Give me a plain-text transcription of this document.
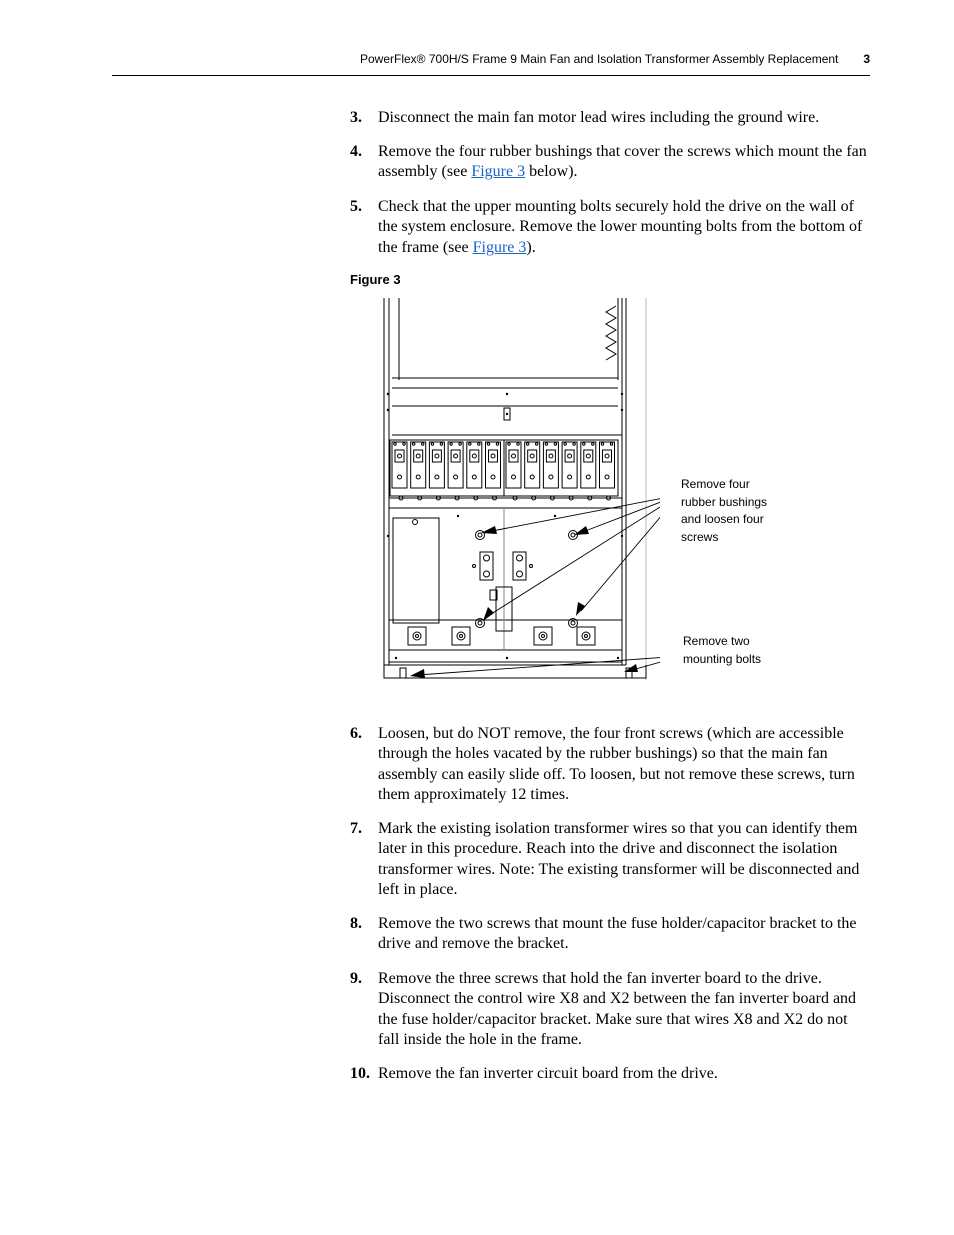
PowerFlex® 700H/S Frame 9 Main Fan and Isolation Transformer Assembly Replacement	3
3. Disconnect the main fan motor lead wires including the ground wire.
4. Remove the four rubber bushings that cover the screws which mount the fan assembly (see Figure 3 below).
5. Check that the upper mounting bolts securely hold the drive on the wall of the system enclosure. Remove the lower mounting bolts from the bottom of the frame (see Figure 3).
Figure 3
Remove four
rubber bushings
and loosen four
screws
Remove two
mounting bolts
6. Loosen, but do NOT remove, the four front screws (which are accessible through the holes vacated by the rubber bushings) so that the main fan assembly can easily slide off. To loosen, but not remove these screws, turn them approximately 12 times.
7. Mark the existing isolation transformer wires so that you can identify them later in this procedure. Reach into the drive and disconnect the isolation transformer wires. Note: The existing transformer will be disconnected and left in place.
8. Remove the two screws that mount the fuse holder/capacitor bracket to the drive and remove the bracket.
9. Remove the three screws that hold the fan inverter board to the drive. Disconnect the control wire X8 and X2 between the fan inverter board and the fuse holder/capacitor bracket. Make sure that wires X8 and X2 do not fall inside the hole in the frame.
10. Remove the fan inverter circuit board from the drive.
